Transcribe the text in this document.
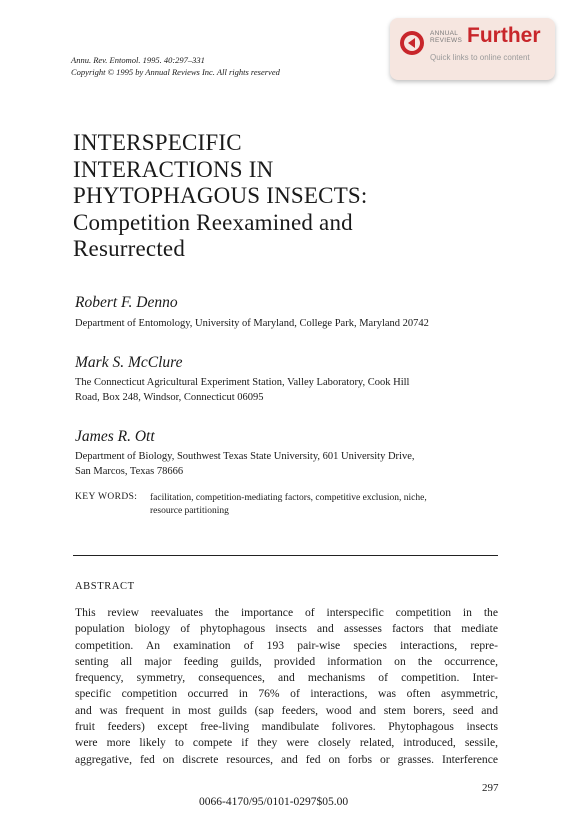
Annu. Rev. Entomol. 1995. 40:297–331
Copyright © 1995 by Annual Reviews Inc. All rights reserved
ANNUAL
REVIEWS Further
Quick links to online content
INTERSPECIFIC
INTERACTIONS IN
PHYTOPHAGOUS INSECTS:
Competition Reexamined and
Resurrected
Robert F. Denno
Department of Entomology, University of Maryland, College Park, Maryland 20742
Mark S. McClure
The Connecticut Agricultural Experiment Station, Valley Laboratory, Cook Hill
Road, Box 248, Windsor, Connecticut 06095
James R. Ott
Department of Biology, Southwest Texas State University, 601 University Drive,
San Marcos, Texas 78666
KEY WORDS: facilitation, competition-mediating factors, competitive exclusion, niche,
resource partitioning
ABSTRACT
This review reevaluates the importance of interspecific competition in the
population biology of phytophagous insects and assesses factors that mediate
competition. An examination of 193 pair-wise species interactions, repre-
senting all major feeding guilds, provided information on the occurrence,
frequency, symmetry, consequences, and mechanisms of competition. Inter-
specific competition occurred in 76% of interactions, was often asymmetric,
and was frequent in most guilds (sap feeders, wood and stem borers, seed and
fruit feeders) except free-living mandibulate folivores. Phytophagous insects
were more likely to compete if they were closely related, introduced, sessile,
aggregative, fed on discrete resources, and fed on forbs or grasses. Interference
297
0066-4170/95/0101-0297$05.00
